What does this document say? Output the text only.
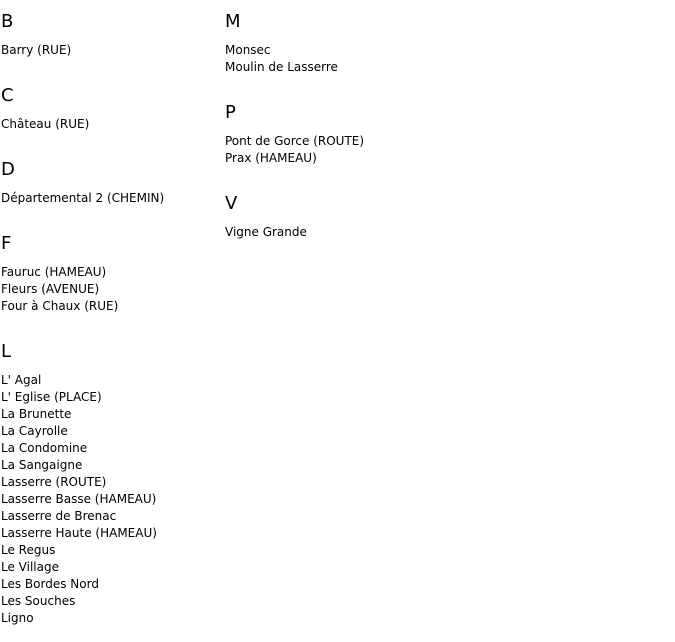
B
Barry (RUE)
C
Château (RUE)
D
Départemental 2 (CHEMIN)
F
Fauruc (HAMEAU)
Fleurs (AVENUE)
Four à Chaux (RUE)
L
L' Agal
L' Eglise (PLACE)
La Brunette
La Cayrolle
La Condomine
La Sangaigne
Lasserre (ROUTE)
Lasserre Basse (HAMEAU)
Lasserre de Brenac
Lasserre Haute (HAMEAU)
Le Regus
Le Village
Les Bordes Nord
Les Souches
Ligno
M
Monsec
Moulin de Lasserre
P
Pont de Gorce (ROUTE)
Prax (HAMEAU)
V
Vigne Grande
